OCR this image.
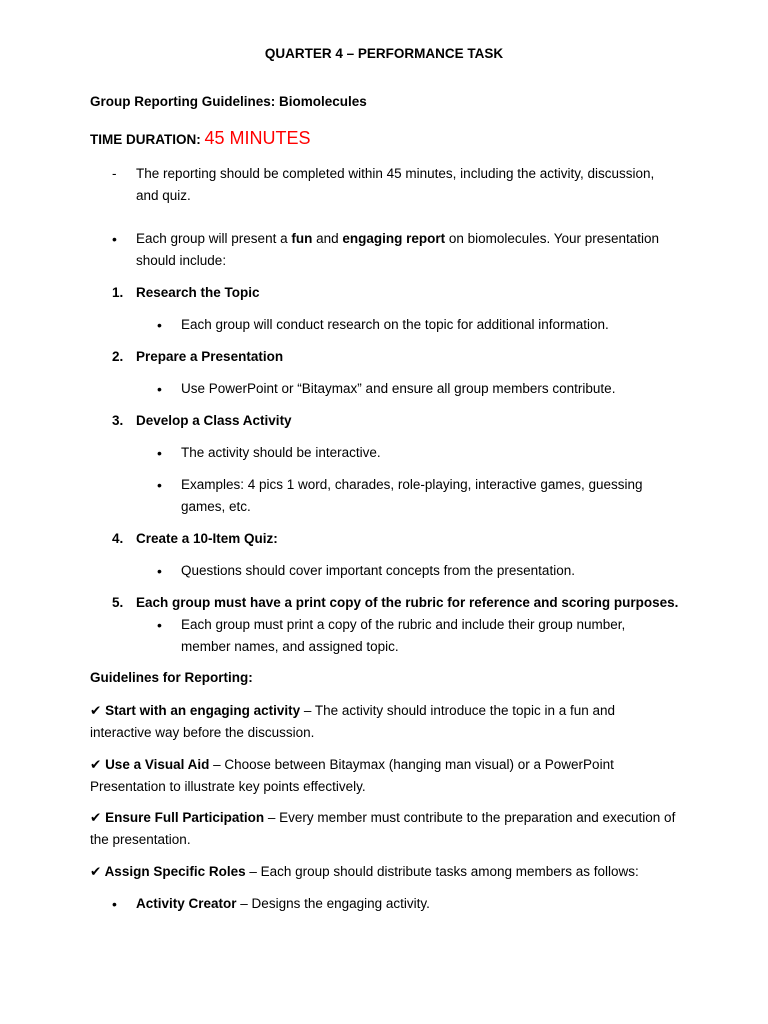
QUARTER 4 – PERFORMANCE TASK
Group Reporting Guidelines: Biomolecules
TIME DURATION: 45 MINUTES
- The reporting should be completed within 45 minutes, including the activity, discussion, and quiz.
• Each group will present a fun and engaging report on biomolecules. Your presentation should include:
1. Research the Topic
• Each group will conduct research on the topic for additional information.
2. Prepare a Presentation
• Use PowerPoint or “Bitaymax” and ensure all group members contribute.
3. Develop a Class Activity
• The activity should be interactive.
• Examples: 4 pics 1 word, charades, role-playing, interactive games, guessing games, etc.
4. Create a 10-Item Quiz:
• Questions should cover important concepts from the presentation.
5. Each group must have a print copy of the rubric for reference and scoring purposes.
• Each group must print a copy of the rubric and include their group number, member names, and assigned topic.
Guidelines for Reporting:
✔ Start with an engaging activity – The activity should introduce the topic in a fun and interactive way before the discussion.
✔ Use a Visual Aid – Choose between Bitaymax (hanging man visual) or a PowerPoint Presentation to illustrate key points effectively.
✔ Ensure Full Participation – Every member must contribute to the preparation and execution of the presentation.
✔ Assign Specific Roles – Each group should distribute tasks among members as follows:
• Activity Creator – Designs the engaging activity.
